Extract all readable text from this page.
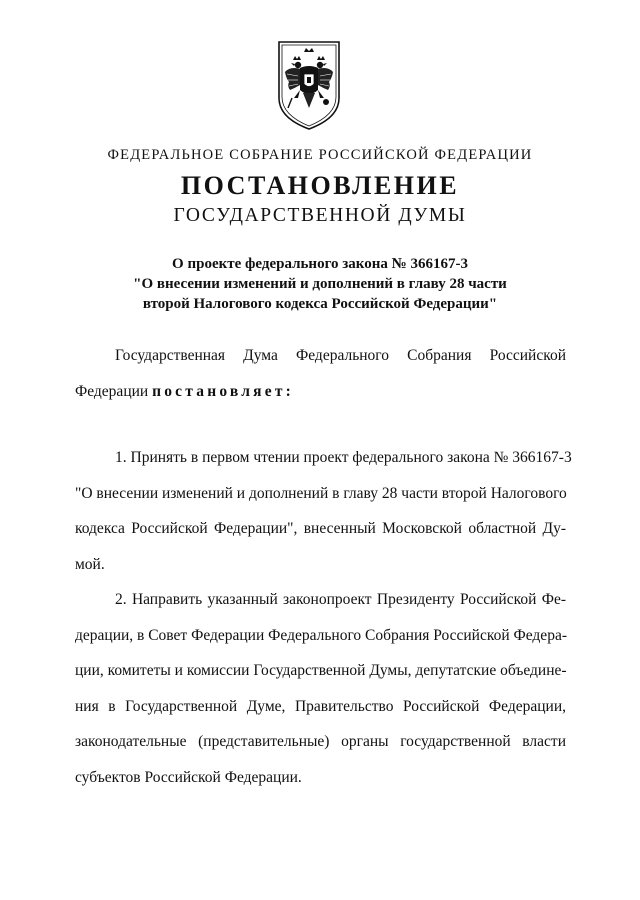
ФЕДЕРАЛЬНОЕ СОБРАНИЕ РОССИЙСКОЙ ФЕДЕРАЦИИ
ПОСТАНОВЛЕНИЕ
ГОСУДАРСТВЕННОЙ ДУМЫ
О проекте федерального закона № 366167-3
"О внесении изменений и дополнений в главу 28 части
второй Налогового кодекса Российской Федерации"
Государственная Дума Федерального Собрания Российской
Федерации постановляет:
1. Принять в первом чтении проект федерального закона № 366167-3
"О внесении изменений и дополнений в главу 28 части второй Налогового
кодекса Российской Федерации", внесенный Московской областной Ду-
мой.
2. Направить указанный законопроект Президенту Российской Фе-
дерации, в Совет Федерации Федерального Собрания Российской Федера-
ции, комитеты и комиссии Государственной Думы, депутатские объедине-
ния в Государственной Думе, Правительство Российской Федерации,
законодательные (представительные) органы государственной власти
субъектов Российской Федерации.
